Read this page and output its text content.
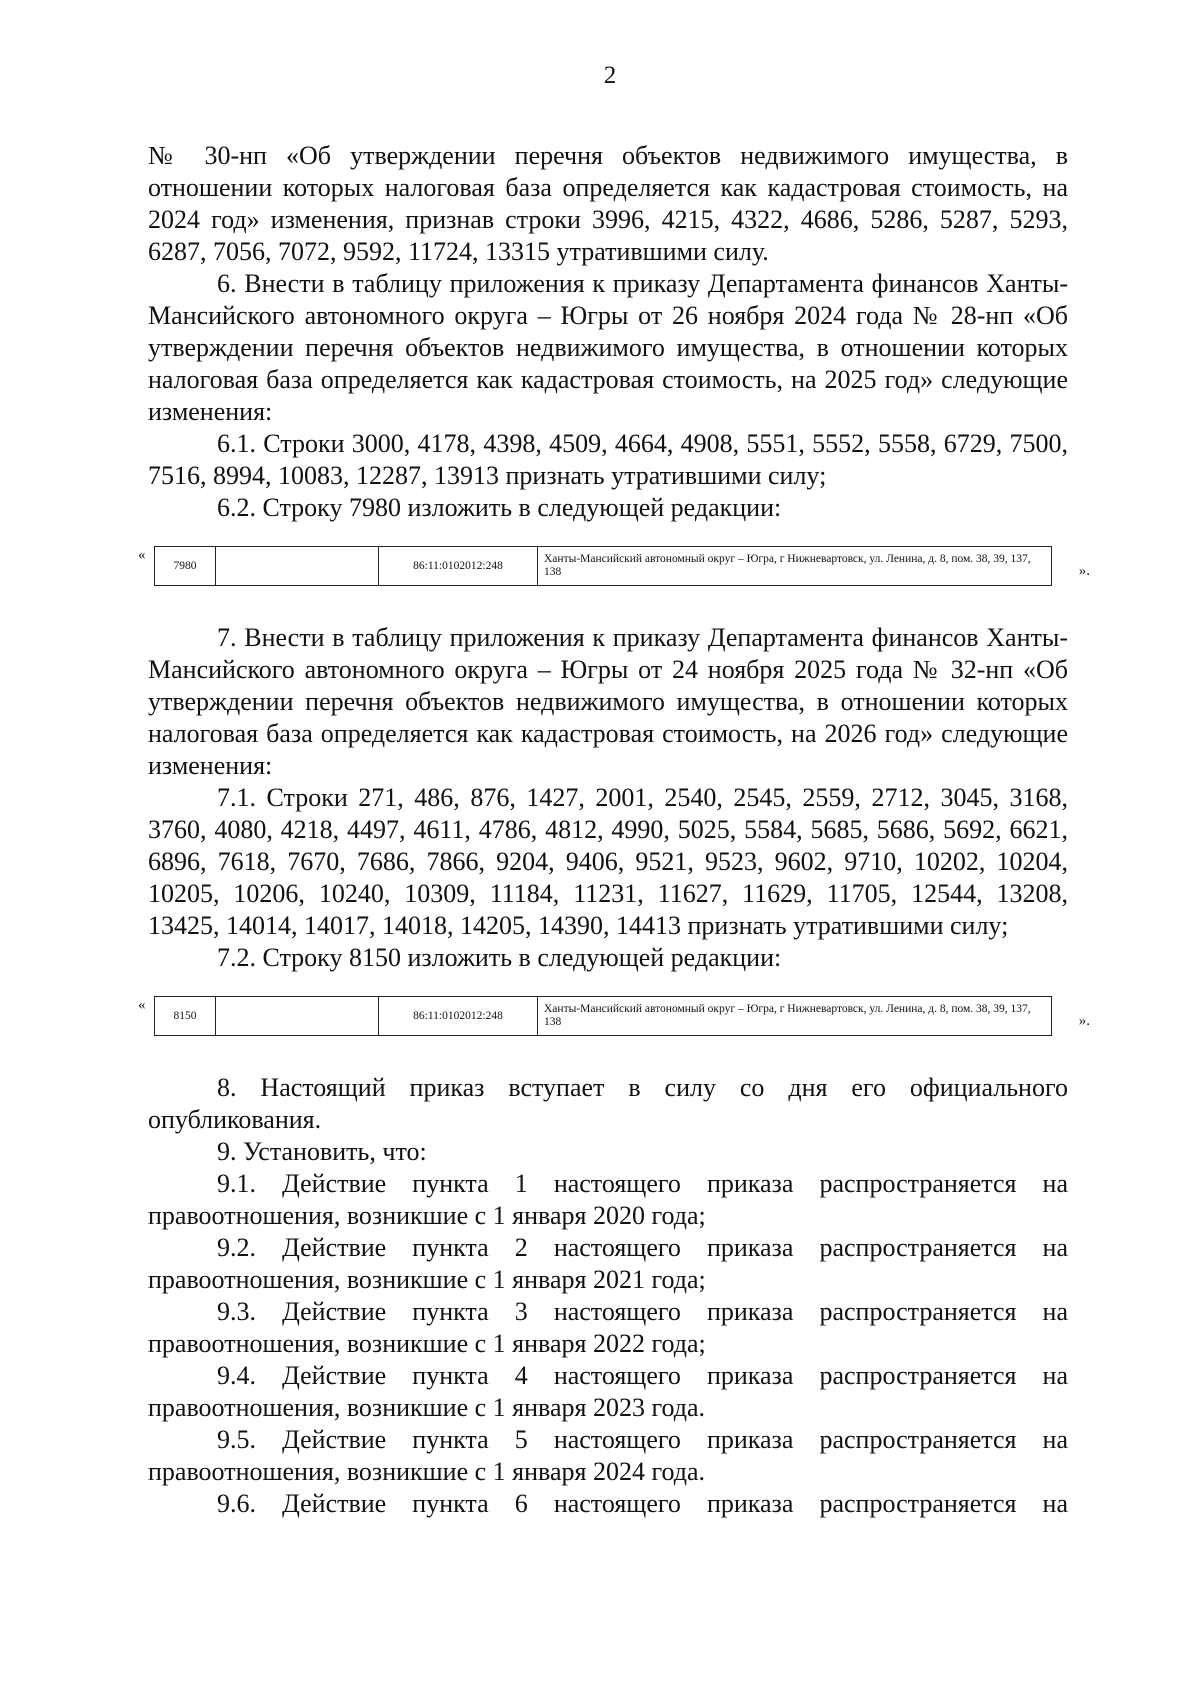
2

№ 30-нп «Об утверждении перечня объектов недвижимого имущества, в отношении которых налоговая база определяется как кадастровая стоимость, на 2024 год» изменения, признав строки 3996, 4215, 4322, 4686, 5286, 5287, 5293, 6287, 7056, 7072, 9592, 11724, 13315 утратившими силу.

6. Внести в таблицу приложения к приказу Департамента финансов Ханты-Мансийского автономного округа – Югры от 26 ноября 2024 года № 28-нп «Об утверждении перечня объектов недвижимого имущества, в отношении которых налоговая база определяется как кадастровая стоимость, на 2025 год» следующие изменения:

6.1. Строки 3000, 4178, 4398, 4509, 4664, 4908, 5551, 5552, 5558, 6729, 7500, 7516, 8994, 10083, 12287, 13913 признать утратившими силу;

6.2. Строку 7980 изложить в следующей редакции:

«
7980		86:11:0102012:248	Ханты-Мансийский автономный округ – Югра, г Нижневартовск, ул. Ленина, д. 8, пом. 38, 39, 137, 138	».

7. Внести в таблицу приложения к приказу Департамента финансов Ханты-Мансийского автономного округа – Югры от 24 ноября 2025 года № 32-нп «Об утверждении перечня объектов недвижимого имущества, в отношении которых налоговая база определяется как кадастровая стоимость, на 2026 год» следующие изменения:

7.1. Строки 271, 486, 876, 1427, 2001, 2540, 2545, 2559, 2712, 3045, 3168, 3760, 4080, 4218, 4497, 4611, 4786, 4812, 4990, 5025, 5584, 5685, 5686, 5692, 6621, 6896, 7618, 7670, 7686, 7866, 9204, 9406, 9521, 9523, 9602, 9710, 10202, 10204, 10205, 10206, 10240, 10309, 11184, 11231, 11627, 11629, 11705, 12544, 13208, 13425, 14014, 14017, 14018, 14205, 14390, 14413 признать утратившими силу;

7.2. Строку 8150 изложить в следующей редакции:

«
8150		86:11:0102012:248	Ханты-Мансийский автономный округ – Югра, г Нижневартовск, ул. Ленина, д. 8, пом. 38, 39, 137, 138	».

8. Настоящий приказ вступает в силу со дня его официального опубликования.

9. Установить, что:

9.1. Действие пункта 1 настоящего приказа распространяется на правоотношения, возникшие с 1 января 2020 года;

9.2. Действие пункта 2 настоящего приказа распространяется на правоотношения, возникшие с 1 января 2021 года;

9.3. Действие пункта 3 настоящего приказа распространяется на правоотношения, возникшие с 1 января 2022 года;

9.4. Действие пункта 4 настоящего приказа распространяется на правоотношения, возникшие с 1 января 2023 года.

9.5. Действие пункта 5 настоящего приказа распространяется на правоотношения, возникшие с 1 января 2024 года.

9.6. Действие пункта 6 настоящего приказа распространяется на
